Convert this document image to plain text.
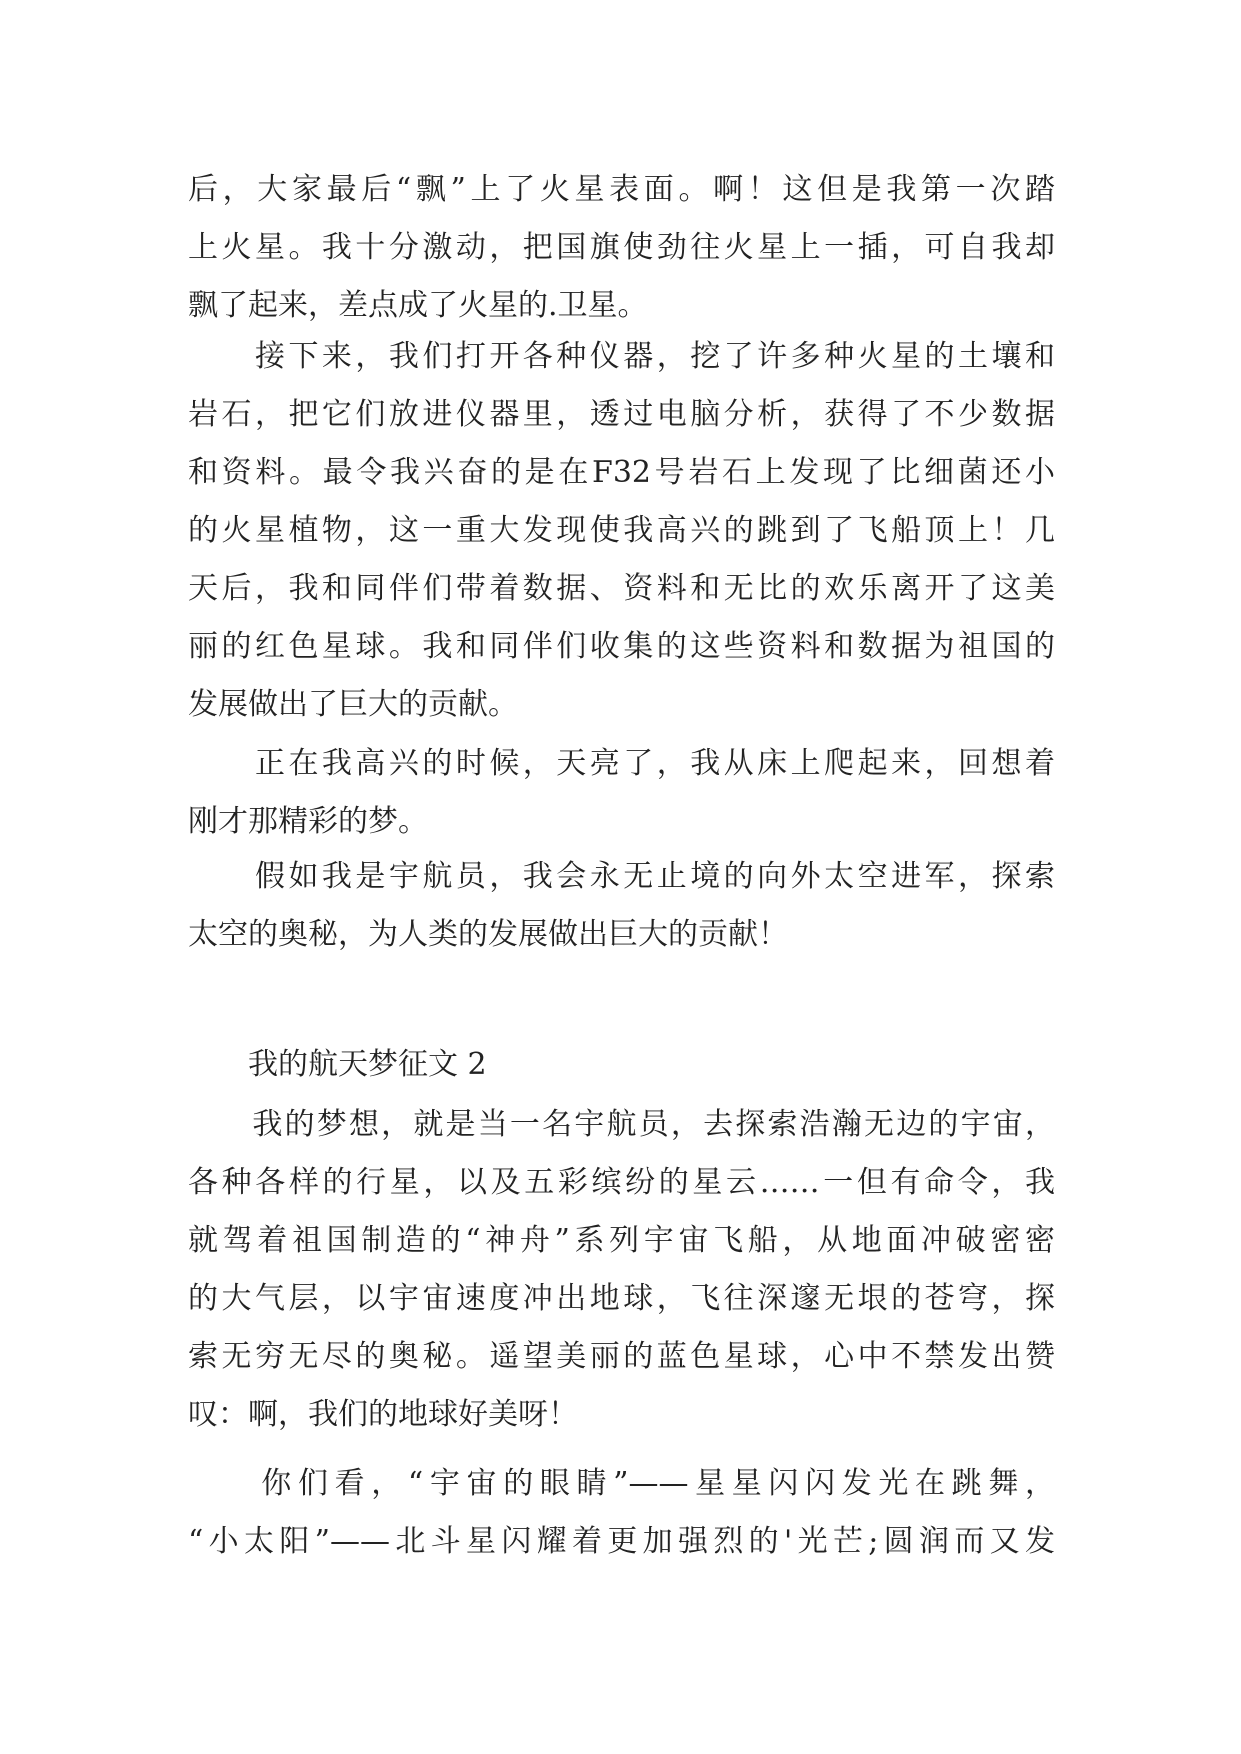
后，大家最后“飘”上了火星表面。啊！这但是我第一次踏
上火星。我十分激动，把国旗使劲往火星上一插，可自我却
飘了起来，差点成了火星的.卫星。
　　接下来，我们打开各种仪器，挖了许多种火星的土壤和
岩石，把它们放进仪器里，透过电脑分析，获得了不少数据
和资料。最令我兴奋的是在F32号岩石上发现了比细菌还小
的火星植物，这一重大发现使我高兴的跳到了飞船顶上！几
天后，我和同伴们带着数据、资料和无比的欢乐离开了这美
丽的红色星球。我和同伴们收集的这些资料和数据为祖国的
发展做出了巨大的贡献。
　　正在我高兴的时候，天亮了，我从床上爬起来，回想着
刚才那精彩的梦。
　　假如我是宇航员，我会永无止境的向外太空进军，探索
太空的奥秘，为人类的发展做出巨大的贡献！
　　我的航天梦征文 2
　　我的梦想，就是当一名宇航员，去探索浩瀚无边的宇宙，
各种各样的行星，以及五彩缤纷的星云……一但有命令，我
就驾着祖国制造的“神舟”系列宇宙飞船，从地面冲破密密
的大气层，以宇宙速度冲出地球，飞往深邃无垠的苍穹，探
索无穷无尽的奥秘。遥望美丽的蓝色星球，心中不禁发出赞
叹：啊，我们的地球好美呀！
　　你们看，“宇宙的眼睛”——星星闪闪发光在跳舞，
“小太阳”——北斗星闪耀着更加强烈的'光芒;圆润而又发
